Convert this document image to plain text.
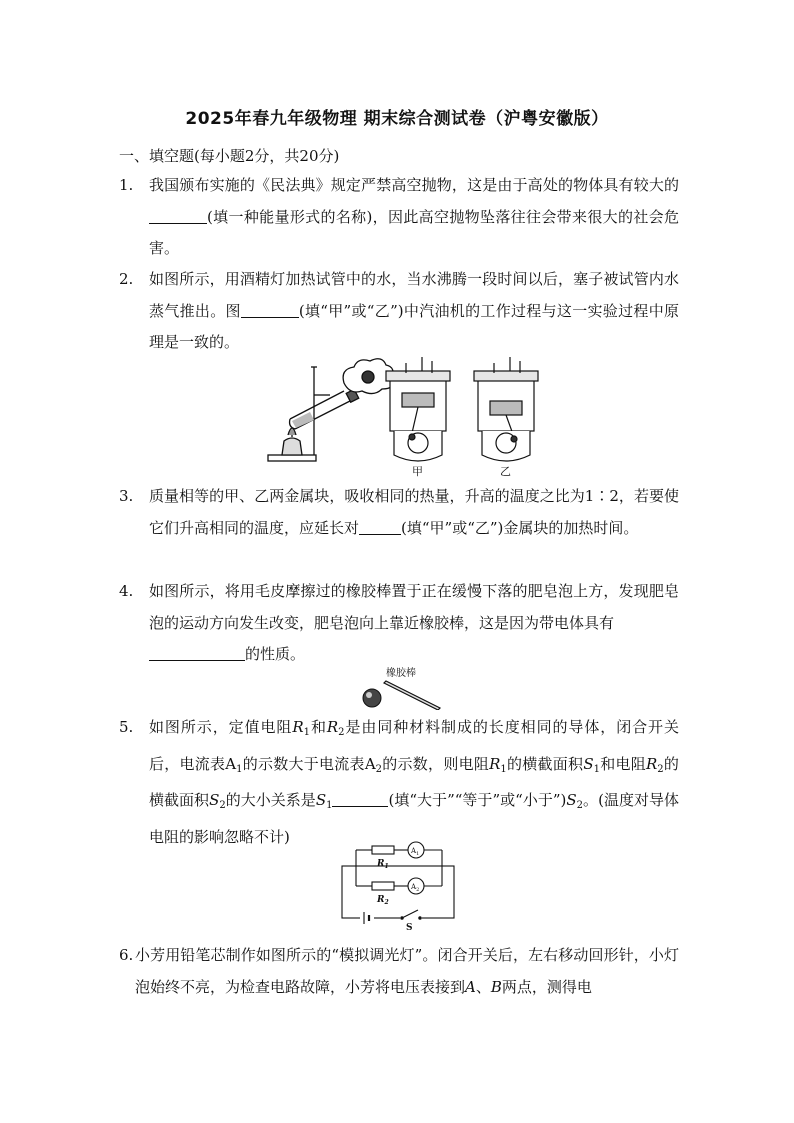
2025年春九年级物理 期末综合测试卷（沪粤安徽版）
一、填空题(每小题2分，共20分)
1. 我国颁布实施的《民法典》规定严禁高空抛物，这是由于高处的物体具有较大的(填一种能量形式的名称)，因此高空抛物坠落往往会带来很大的社会危害。
2. 如图所示，用酒精灯加热试管中的水，当水沸腾一段时间以后，塞子被试管内水蒸气推出。图	(填“甲”或“乙”)中汽油机的工作过程与这一实验过程中原理是一致的。
甲	乙
3. 质量相等的甲、乙两金属块，吸收相同的热量，升高的温度之比为1∶2，若要使它们升高相同的温度，应延长对	(填“甲”或“乙”)金属块的加热时间。
4. 如图所示，将用毛皮摩擦过的橡胶棒置于正在缓慢下落的肥皂泡上方，发现肥皂泡的运动方向发生改变，肥皂泡向上靠近橡胶棒，这是因为带电体具有
的性质。
橡胶棒
5. 如图所示，定值电阻$R_1$和$R_2$是由同种材料制成的长度相同的导体，闭合开关后，电流表$A_1$的示数大于电流表$A_2$的示数，则电阻$R_1$的横截面积$S_1$和电阻$R_2$的横截面积$S_2$的大小关系是$S_1$	(填“大于”“等于”或“小于$”)S_2$。(温度对导体电阻的影响忽略不计)
$R_1$
$R_2$
$A_1$
$A_2$
S
6. 小芳用铅笔芯制作如图所示的“模拟调光灯”。闭合开关后，左右移动回形针，小灯泡始终不亮，为检查电路故障，小芳将电压表接到A、B两点，测得电
